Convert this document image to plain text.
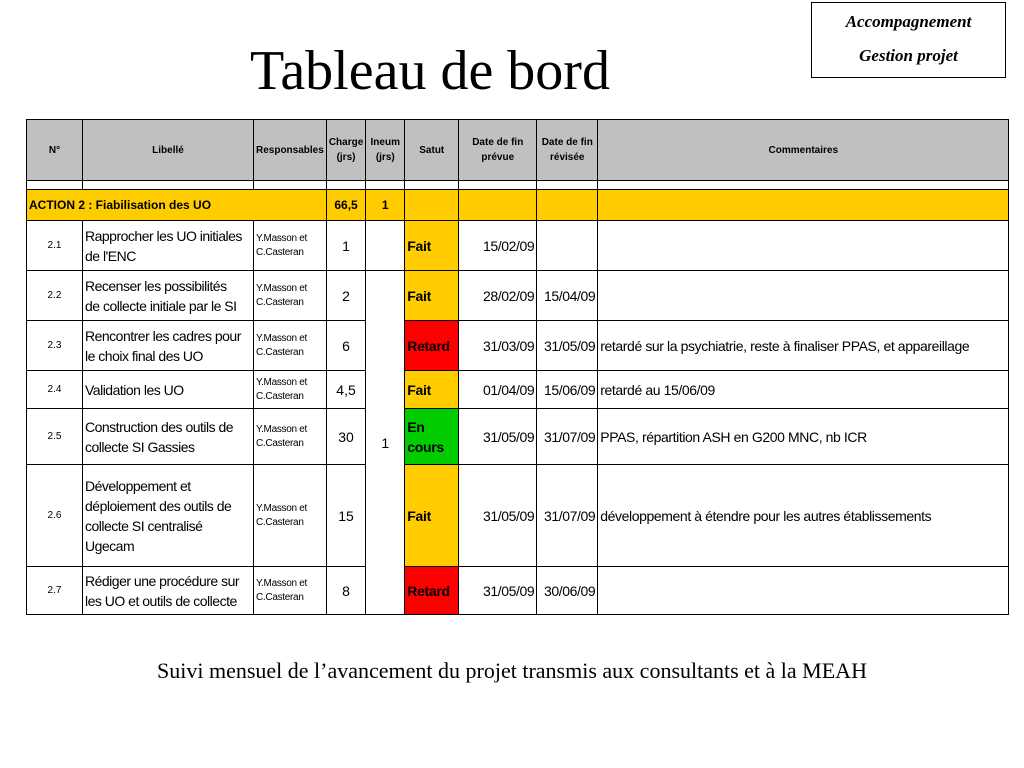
Tableau de bord
Accompagnement
Gestion projet
N°	Libellé	Responsables	Charge
(jrs)	Ineum
(jrs)	Satut	Date de fin
prévue	Date de fin
révisée	Commentaires

ACTION 2 : Fiabilisation des UO			66,5	1				
2.1	Rapprocher les UO initiales
de l'ENC	Y.Masson et
C.Casteran	1		Fait	15/02/09		
2.2	Recenser les possibilités
de collecte initiale par le SI	Y.Masson et
C.Casteran	2	1	Fait	28/02/09	15/04/09	
2.3	Rencontrer les cadres pour
le choix final des UO	Y.Masson et
C.Casteran	6		Retard	31/03/09	31/05/09	retardé sur la psychiatrie, reste à finaliser PPAS, et appareillage
2.4	Validation les UO	Y.Masson et
C.Casteran	4,5		Fait	01/04/09	15/06/09	retardé au 15/06/09
2.5	Construction des outils de
collecte SI Gassies	Y.Masson et
C.Casteran	30		En
cours	31/05/09	31/07/09	PPAS, répartition ASH en G200 MNC, nb ICR
2.6	Développement et
déploiement des outils de
collecte SI centralisé
Ugecam	Y.Masson et
C.Casteran	15		Fait	31/05/09	31/07/09	développement à étendre pour les autres établissements
2.7	Rédiger une procédure sur
les UO et outils de collecte	Y.Masson et
C.Casteran	8		Retard	31/05/09	30/06/09	
Suivi mensuel de l’avancement du projet transmis aux consultants et à la MEAH
